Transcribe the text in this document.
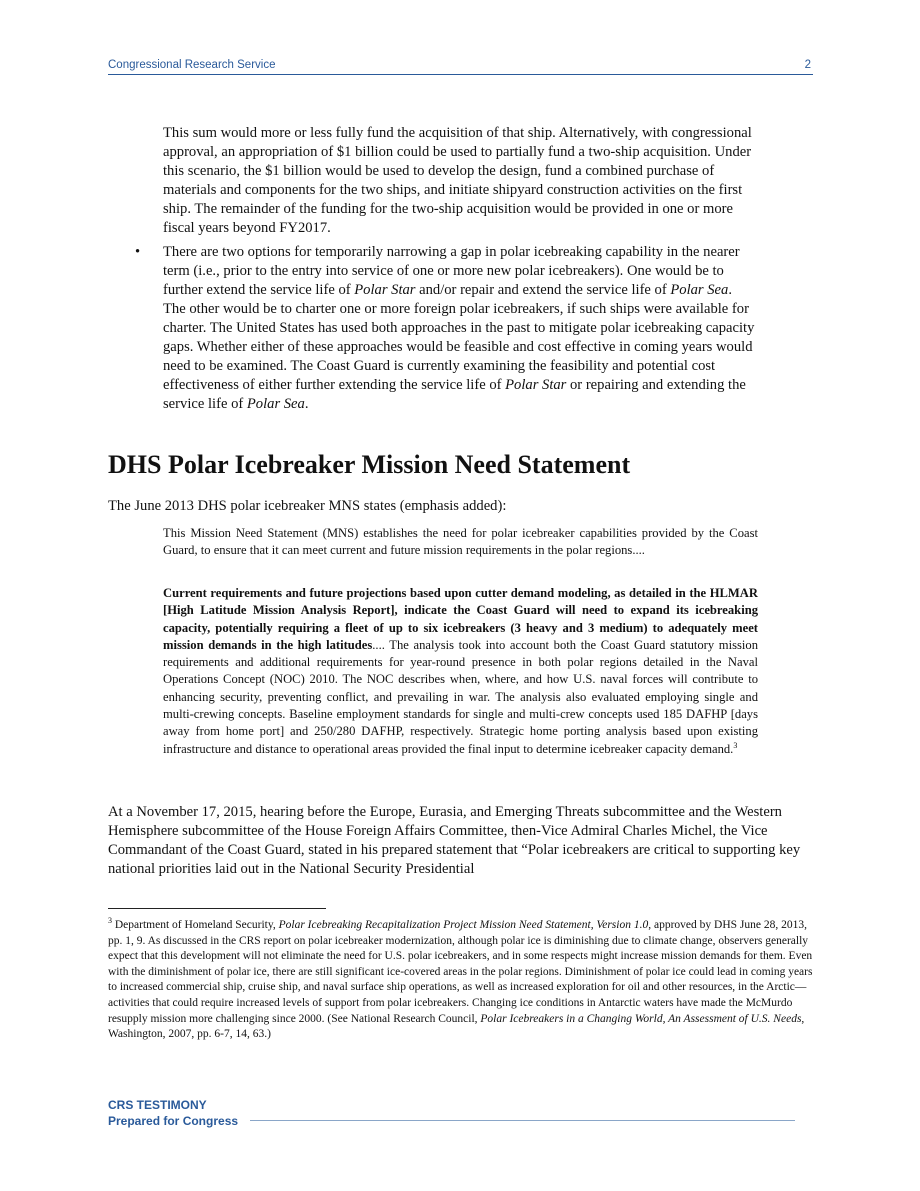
Congressional Research Service	2
This sum would more or less fully fund the acquisition of that ship. Alternatively, with congressional approval, an appropriation of $1 billion could be used to partially fund a two-ship acquisition. Under this scenario, the $1 billion would be used to develop the design, fund a combined purchase of materials and components for the two ships, and initiate shipyard construction activities on the first ship. The remainder of the funding for the two-ship acquisition would be provided in one or more fiscal years beyond FY2017.
•	There are two options for temporarily narrowing a gap in polar icebreaking capability in the nearer term (i.e., prior to the entry into service of one or more new polar icebreakers). One would be to further extend the service life of Polar Star and/or repair and extend the service life of Polar Sea. The other would be to charter one or more foreign polar icebreakers, if such ships were available for charter. The United States has used both approaches in the past to mitigate polar icebreaking capacity gaps. Whether either of these approaches would be feasible and cost effective in coming years would need to be examined. The Coast Guard is currently examining the feasibility and potential cost effectiveness of either further extending the service life of Polar Star or repairing and extending the service life of Polar Sea.
DHS Polar Icebreaker Mission Need Statement
The June 2013 DHS polar icebreaker MNS states (emphasis added):
This Mission Need Statement (MNS) establishes the need for polar icebreaker capabilities provided by the Coast Guard, to ensure that it can meet current and future mission requirements in the polar regions....
Current requirements and future projections based upon cutter demand modeling, as detailed in the HLMAR [High Latitude Mission Analysis Report], indicate the Coast Guard will need to expand its icebreaking capacity, potentially requiring a fleet of up to six icebreakers (3 heavy and 3 medium) to adequately meet mission demands in the high latitudes.... The analysis took into account both the Coast Guard statutory mission requirements and additional requirements for year-round presence in both polar regions detailed in the Naval Operations Concept (NOC) 2010. The NOC describes when, where, and how U.S. naval forces will contribute to enhancing security, preventing conflict, and prevailing in war. The analysis also evaluated employing single and multi-crewing concepts. Baseline employment standards for single and multi-crew concepts used 185 DAFHP [days away from home port] and 250/280 DAFHP, respectively. Strategic home porting analysis based upon existing infrastructure and distance to operational areas provided the final input to determine icebreaker capacity demand.$^3$
At a November 17, 2015, hearing before the Europe, Eurasia, and Emerging Threats subcommittee and the Western Hemisphere subcommittee of the House Foreign Affairs Committee, then-Vice Admiral Charles Michel, the Vice Commandant of the Coast Guard, stated in his prepared statement that “Polar icebreakers are critical to supporting key national priorities laid out in the National Security Presidential
$^3$ Department of Homeland Security, Polar Icebreaking Recapitalization Project Mission Need Statement, Version 1.0, approved by DHS June 28, 2013, pp. 1, 9. As discussed in the CRS report on polar icebreaker modernization, although polar ice is diminishing due to climate change, observers generally expect that this development will not eliminate the need for U.S. polar icebreakers, and in some respects might increase mission demands for them. Even with the diminishment of polar ice, there are still significant ice-covered areas in the polar regions. Diminishment of polar ice could lead in coming years to increased commercial ship, cruise ship, and naval surface ship operations, as well as increased exploration for oil and other resources, in the Arctic—activities that could require increased levels of support from polar icebreakers. Changing ice conditions in Antarctic waters have made the McMurdo resupply mission more challenging since 2000. (See National Research Council, Polar Icebreakers in a Changing World, An Assessment of U.S. Needs, Washington, 2007, pp. 6-7, 14, 63.)
CRS TESTIMONY
Prepared for Congress
